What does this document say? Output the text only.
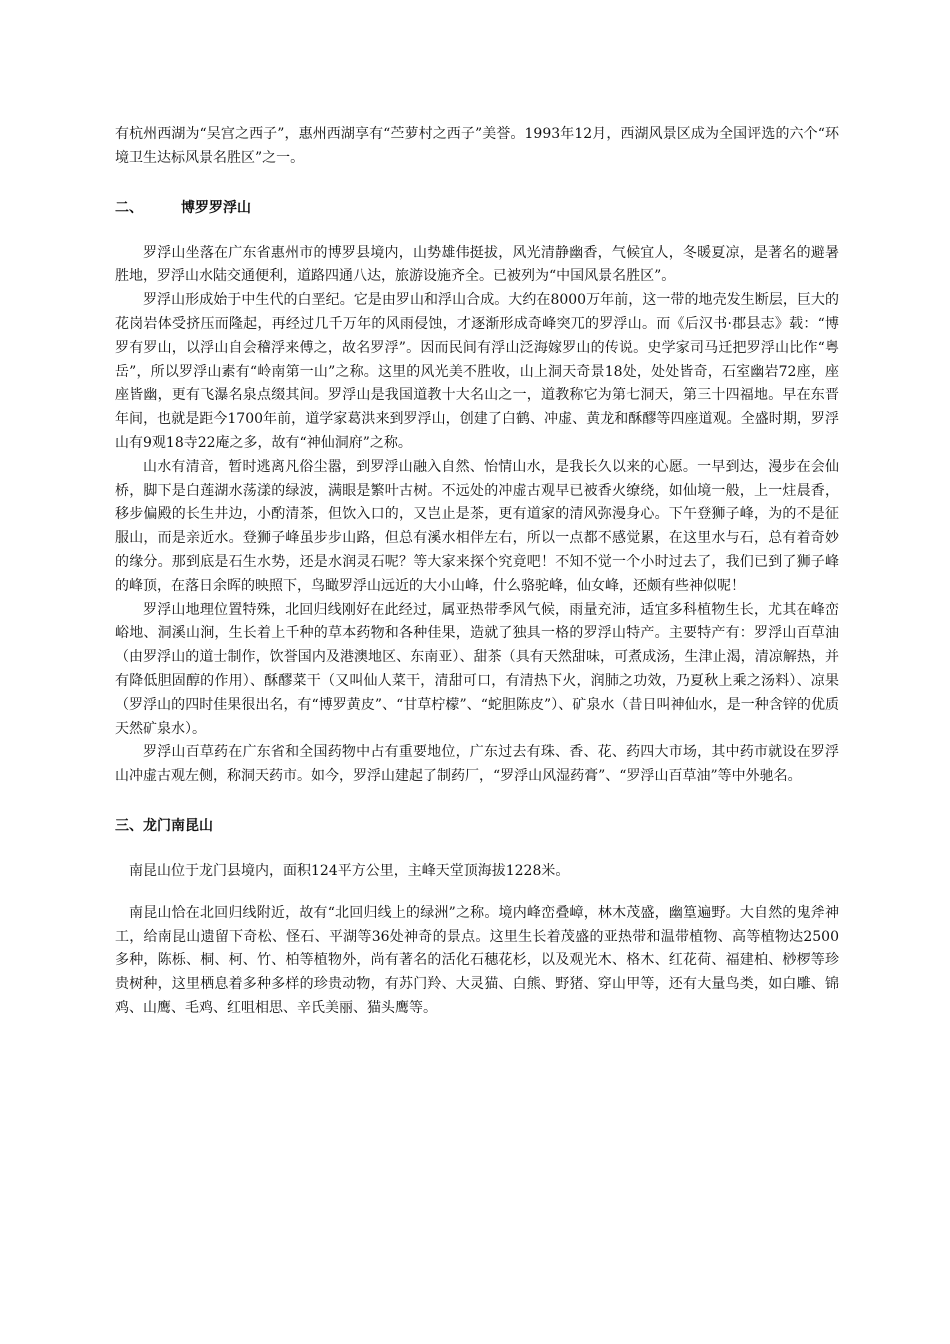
有杭州西湖为“吴宫之西子”，惠州西湖享有“苎萝村之西子”美誉。1993年12月，西湖风景区成为全国评选的六个“环境卫生达标风景名胜区”之一。

二、	博罗罗浮山

罗浮山坐落在广东省惠州市的博罗县境内，山势雄伟挺拔，风光清静幽香，气候宜人，冬暖夏凉，是著名的避暑胜地，罗浮山水陆交通便利，道路四通八达，旅游设施齐全。已被列为“中国风景名胜区”。

罗浮山形成始于中生代的白垩纪。它是由罗山和浮山合成。大约在8000万年前，这一带的地壳发生断层，巨大的花岗岩体受挤压而隆起，再经过几千万年的风雨侵蚀，才逐渐形成奇峰突兀的罗浮山。而《后汉书·郡县志》载：“博罗有罗山，以浮山自会稽浮来傅之，故名罗浮”。因而民间有浮山泛海嫁罗山的传说。史学家司马迁把罗浮山比作“粤岳”，所以罗浮山素有“岭南第一山”之称。这里的风光美不胜收，山上洞天奇景18处，处处皆奇，石室幽岩72座，座座皆幽，更有飞瀑名泉点缀其间。罗浮山是我国道教十大名山之一，道教称它为第七洞天，第三十四福地。早在东晋年间，也就是距今1700年前，道学家葛洪来到罗浮山，创建了白鹤、冲虚、黄龙和酥醪等四座道观。全盛时期，罗浮山有9观18寺22庵之多，故有“神仙洞府”之称。

山水有清音，暂时逃离凡俗尘嚣，到罗浮山融入自然、怡情山水，是我长久以来的心愿。一早到达，漫步在会仙桥，脚下是白莲湖水荡漾的绿波，满眼是繁叶古树。不远处的冲虚古观早已被香火缭绕，如仙境一般，上一炷晨香，移步偏殿的长生井边，小酌清茶，但饮入口的，又岂止是茶，更有道家的清风弥漫身心。下午登狮子峰，为的不是征服山，而是亲近水。登狮子峰虽步步山路，但总有溪水相伴左右，所以一点都不感觉累，在这里水与石，总有着奇妙的缘分。那到底是石生水势，还是水润灵石呢？等大家来探个究竟吧！不知不觉一个小时过去了，我们已到了狮子峰的峰顶，在落日余晖的映照下，鸟瞰罗浮山远近的大小山峰，什么骆驼峰，仙女峰，还颇有些神似呢！

罗浮山地理位置特殊，北回归线刚好在此经过，属亚热带季风气候，雨量充沛，适宜多科植物生长，尤其在峰峦峪地、洞溪山涧，生长着上千种的草本药物和各种佳果，造就了独具一格的罗浮山特产。主要特产有：罗浮山百草油（由罗浮山的道士制作，饮誉国内及港澳地区、东南亚）、甜茶（具有天然甜味，可煮成汤，生津止渴，清凉解热，并有降低胆固醇的作用）、酥醪菜干（又叫仙人菜干，清甜可口，有清热下火，润肺之功效，乃夏秋上乘之汤料）、凉果（罗浮山的四时佳果很出名，有“博罗黄皮”、“甘草柠檬”、“蛇胆陈皮”）、矿泉水（昔日叫神仙水，是一种含锌的优质天然矿泉水）。

罗浮山百草药在广东省和全国药物中占有重要地位，广东过去有珠、香、花、药四大市场，其中药市就设在罗浮山冲虚古观左侧，称洞天药市。如今，罗浮山建起了制药厂，“罗浮山风湿药膏”、“罗浮山百草油”等中外驰名。

三、龙门南昆山

南昆山位于龙门县境内，面积124平方公里，主峰天堂顶海拔1228米。

南昆山恰在北回归线附近，故有“北回归线上的绿洲”之称。境内峰峦叠嶂，林木茂盛，幽篁遍野。大自然的鬼斧神工，给南昆山遗留下奇松、怪石、平湖等36处神奇的景点。这里生长着茂盛的亚热带和温带植物、高等植物达2500多种，陈栎、桐、柯、竹、柏等植物外，尚有著名的活化石穗花杉，以及观光木、格木、红花荷、福建柏、桫椤等珍贵树种，这里栖息着多种多样的珍贵动物，有苏门羚、大灵猫、白熊、野猪、穿山甲等，还有大量鸟类，如白雕、锦鸡、山鹰、毛鸡、红咀相思、辛氏美丽、猫头鹰等。
